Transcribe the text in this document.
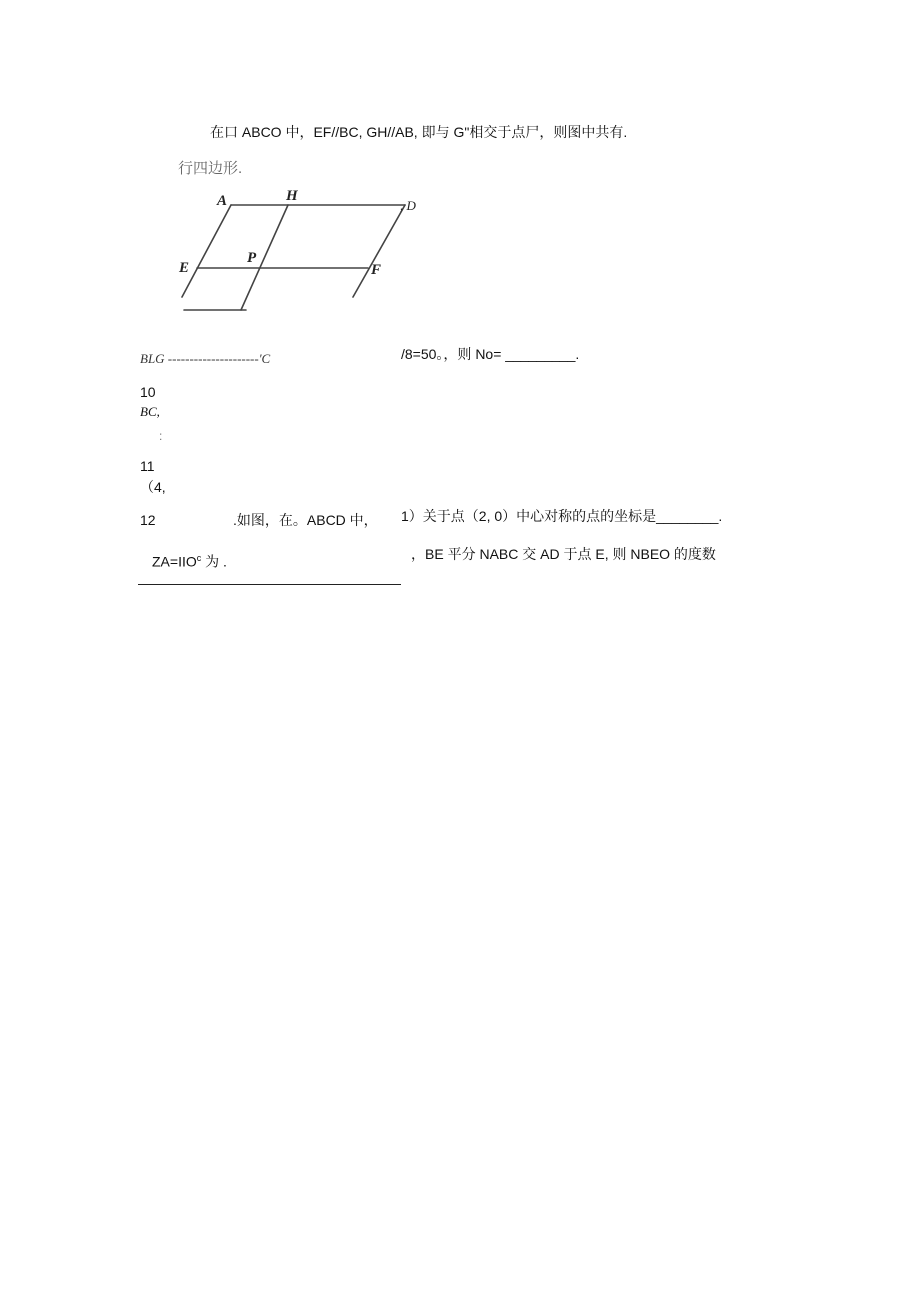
在口 ABCO 中，EF//BC, GH//AB, 即与 G"相交于点尸，则图中共有.
行四边形.
A	H
, D
E
P
F
BLG ---------------------'C	/8=50。，则 No= _________.
10
BC,
:
11
（4,
1）关于点（2, 0）中心对称的点的坐标是________.
12	.如图，在。ABCD 中，
，BE 平分 NABC 交 AD 于点 E, 则 NBEO 的度数
$ZA=IIO^c$ 为 .
